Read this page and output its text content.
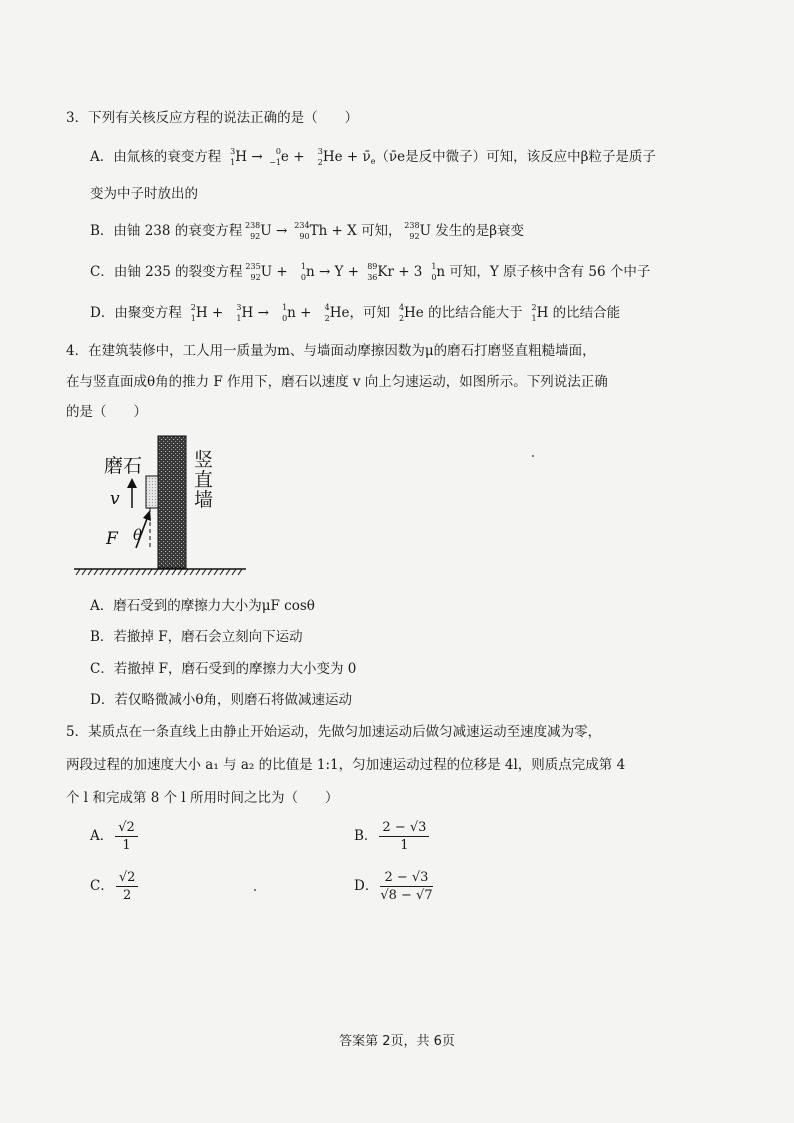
3．下列有关核反应方程的说法正确的是（　　）
A．由氚核的衰变方程 3
1 H → 0
−1 e + 3
2 $He + \nū_e(\nūe$是反中微子）可知，该反应中β粒子是质子
变为中子时放出的
B．由铀 238 的衰变方程 238
92 U → 234
90 Th + X 可知， 238
92 U 发生的是β衰变
C．由铀 235 的裂变方程 235
92 U + 1
0 n → Y + 89
36 Kr + 3 1
0 n 可知，Y 原子核中含有 56 个中子
D．由聚变方程 2
1 H + 3
1 H → 1
0 n + 4
2 He，可知 4
2 He 的比结合能大于 2
1 H 的比结合能
4．在建筑装修中，工人用一质量为m、与墙面动摩擦因数为μ的磨石打磨竖直粗糙墙面，
在与竖直面成θ角的推力 F 作用下，磨石以速度 v 向上匀速运动，如图所示。下列说法正确
的是（　　）
磨石	竖
直
墙
v
F θ
A．磨石受到的摩擦力大小为μF cosθ
B．若撤掉 F，磨石会立刻向下运动
C．若撤掉 F，磨石受到的摩擦力大小变为 0
D．若仅略微减小θ角，则磨石将做减速运动
5．某质点在一条直线上由静止开始运动，先做匀加速运动后做匀减速运动至速度减为零，
两段过程的加速度大小 a₁ 与 a₂ 的比值是 1:1，匀加速运动过程的位移是 4l，则质点完成第 4
个 l 和完成第 8 个 l 所用时间之比为（　　）
A． $\frac{√2}{1}$	B． $\frac{2 - √3}{1}$
C． $\frac{√2}{2}$	D． $\frac{2 - √3}{√8 - √7}$
答案第 2页，共 6页
